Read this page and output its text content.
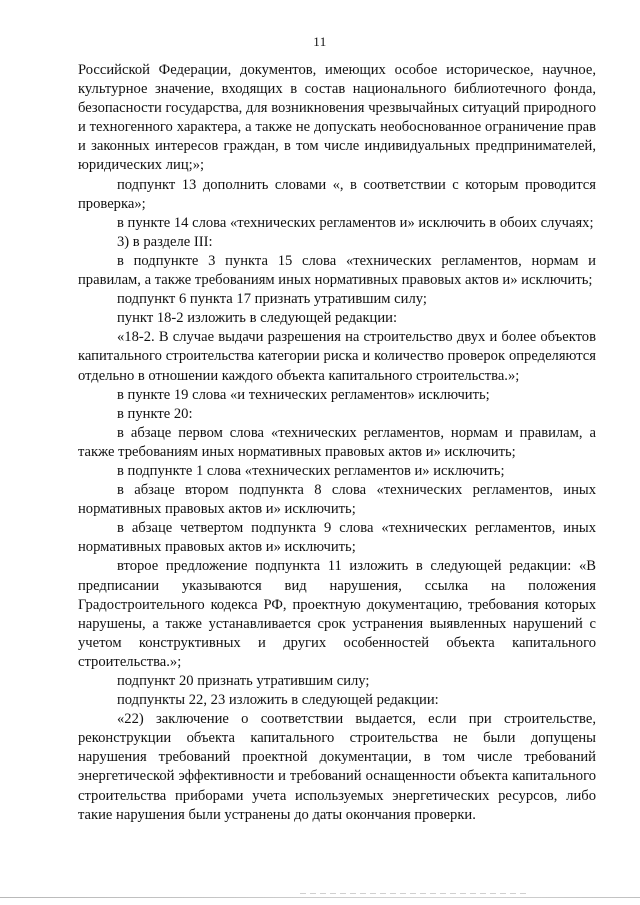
11

Российской Федерации, документов, имеющих особое историческое, научное, культурное значение, входящих в состав национального библиотечного фонда, безопасности государства, для возникновения чрезвычайных ситуаций природного и техногенного характера, а также не допускать необоснованное ограничение прав и законных интересов граждан, в том числе индивидуальных предпринимателей, юридических лиц;»;

подпункт 13 дополнить словами «, в соответствии с которым проводится проверка»;

в пункте 14 слова «технических регламентов и» исключить в обоих случаях;

3) в разделе III:

в подпункте 3 пункта 15 слова «технических регламентов, нормам и правилам, а также требованиям иных нормативных правовых актов и» исключить;

подпункт 6 пункта 17 признать утратившим силу;

пункт 18-2 изложить в следующей редакции:

«18-2. В случае выдачи разрешения на строительство двух и более объектов капитального строительства категории риска и количество проверок определяются отдельно в отношении каждого объекта капитального строительства.»;

в пункте 19 слова «и технических регламентов» исключить;

в пункте 20:

в абзаце первом слова «технических регламентов, нормам и правилам, а также требованиям иных нормативных правовых актов и» исключить;

в подпункте 1 слова «технических регламентов и» исключить;

в абзаце втором подпункта 8 слова «технических регламентов, иных нормативных правовых актов и» исключить;

в абзаце четвертом подпункта 9 слова «технических регламентов, иных нормативных правовых актов и» исключить;

второе предложение подпункта 11 изложить в следующей редакции: «В предписании указываются вид нарушения, ссылка на положения Градостроительного кодекса РФ, проектную документацию, требования которых нарушены, а также устанавливается срок устранения выявленных нарушений с учетом конструктивных и других особенностей объекта капитального строительства.»;

подпункт 20 признать утратившим силу;

подпункты 22, 23 изложить в следующей редакции:

«22) заключение о соответствии выдается, если при строительстве, реконструкции объекта капитального строительства не были допущены нарушения требований проектной документации, в том числе требований энергетической эффективности и требований оснащенности объекта капитального строительства приборами учета используемых энергетических ресурсов, либо такие нарушения были устранены до даты окончания проверки.
